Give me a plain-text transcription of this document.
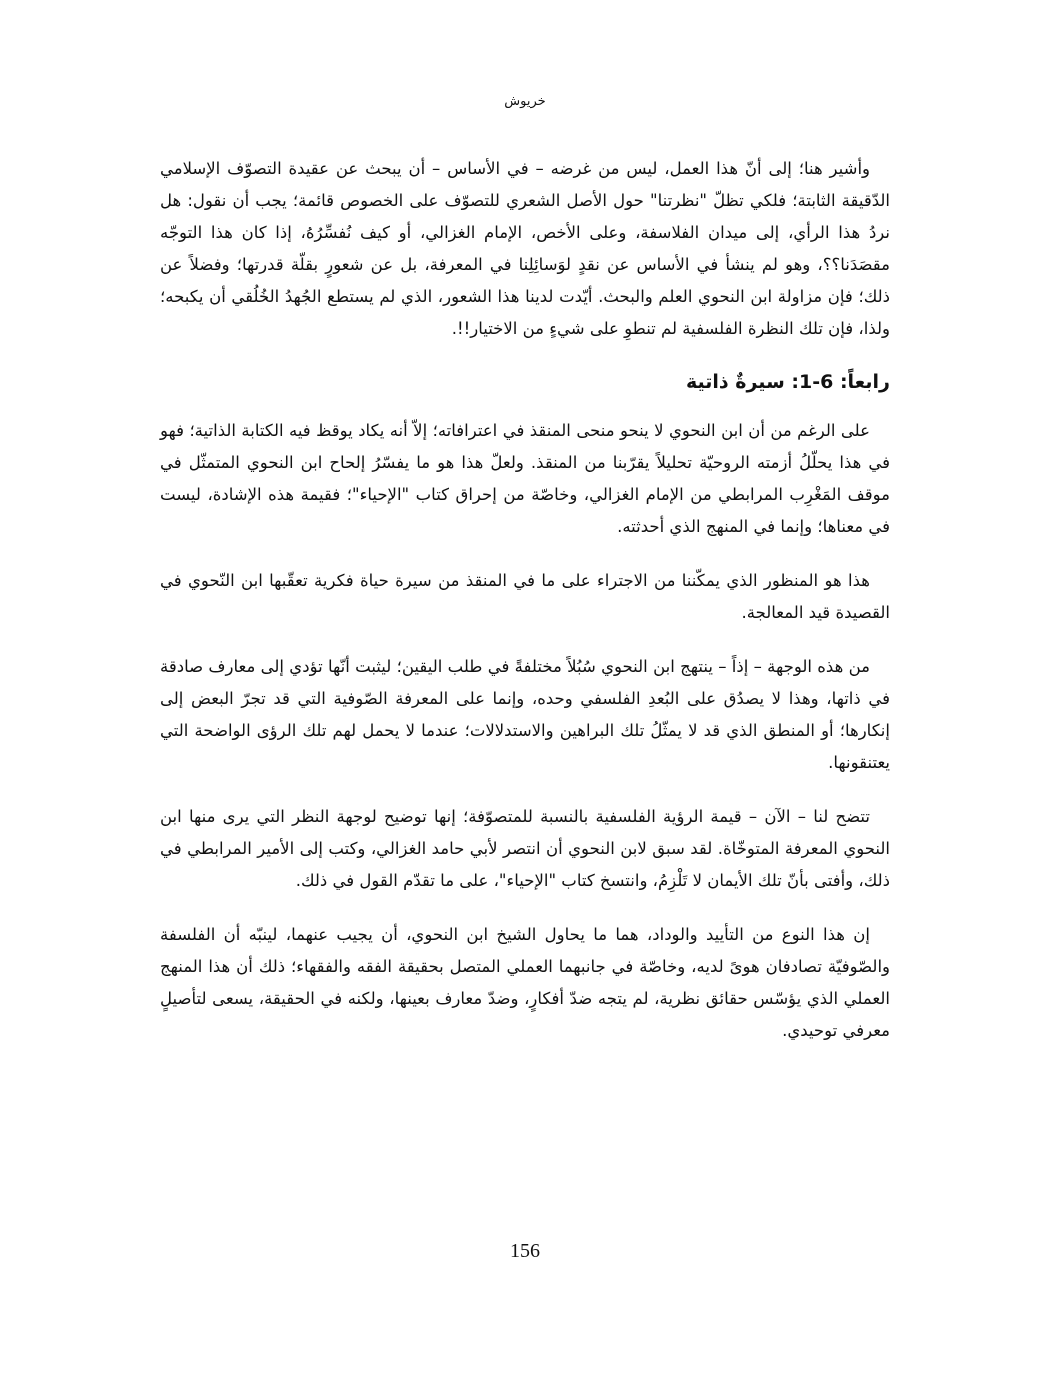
خريوش

وأشير هنا؛ إلى أنّ هذا العمل، ليس من غرضه – في الأساس – أن يبحث عن عقيدة التصوّف الإسلامي الدّقيقة الثابتة؛ فلكي تظلّ "نظرتنا" حول الأصل الشعري للتصوّف على الخصوص قائمة؛ يجب أن نقول: هل نردُ هذا الرأي، إلى ميدان الفلاسفة، وعلى الأخص، الإمام الغزالي، أو كيف نُفسِّرُهُ، إذا كان هذا التوجّه مقصَدَنا؟؟، وهو لم ينشأ في الأساس عن نقدٍ لوَسائِلِنا في المعرفة، بل عن شعورٍ بقلّة قدرتها؛ وفضلاً عن ذلك؛ فإن مزاولة ابن النحوي العلم والبحث. أيّدت لدينا هذا الشعور، الذي لم يستطع الجُهدُ الخُلُقي أن يكبحه؛ ولذا، فإن تلك النظرة الفلسفية لم تنطوِ على شيءٍ من الاختيار!!.

رابعاً: 6-1: سيرةٌ ذاتية

على الرغم من أن ابن النحوي لا ينحو منحى المنقذ في اعترافاته؛ إلاّ أنه يكاد يوقظ فيه الكتابة الذاتية؛ فهو في هذا يحلّلُ أزمته الروحيّة تحليلاً يقرّبنا من المنقذ. ولعلّ هذا هو ما يفسّرُ إلحاح ابن النحوي المتمثّل في موقف المَغْرِب المرابطي من الإمام الغزالي، وخاصّة من إحراق كتاب "الإحياء"؛ فقيمة هذه الإشادة، ليست في معناها؛ وإنما في المنهج الذي أحدثته.

هذا هو المنظور الذي يمكّننا من الاجتراء على ما في المنقذ من سيرة حياة فكرية تعقّبها ابن النّحوي في القصيدة قيد المعالجة.

من هذه الوجهة – إذاً – ينتهج ابن النحوي سُبُلاً مختلفةً في طلب اليقين؛ ليثبت أنّها تؤدي إلى معارف صادقة في ذاتها، وهذا لا يصدُق على البُعدِ الفلسفي وحده، وإنما على المعرفة الصّوفية التي قد تجرّ البعض إلى إنكارها؛ أو المنطق الذي قد لا يمثّلُ تلك البراهين والاستدلالات؛ عندما لا يحمل لهم تلك الرؤى الواضحة التي يعتنقونها.

تتضح لنا – الآن – قيمة الرؤية الفلسفية بالنسبة للمتصوّفة؛ إنها توضيح لوجهة النظر التي يرى منها ابن النحوي المعرفة المتوخّاة. لقد سبق لابن النحوي أن انتصر لأبي حامد الغزالي، وكتب إلى الأمير المرابطي في ذلك، وأفتى بأنّ تلك الأيمان لا تَلْزِمُ، وانتسخ كتاب "الإحياء"، على ما تقدّم القول في ذلك.

إن هذا النوع من التأييد والوداد، هما ما يحاول الشيخ ابن النحوي، أن يجيب عنهما، لينبّه أن الفلسفة والصّوفيّة تصادفان هوىً لديه، وخاصّة في جانبهما العملي المتصل بحقيقة الفقه والفقهاء؛ ذلك أن هذا المنهج العملي الذي يؤسّس حقائق نظرية، لم يتجه ضدّ أفكارٍ، وضدّ معارف بعينها، ولكنه في الحقيقة، يسعى لتأصيلٍ معرفي توحيدي.

156
